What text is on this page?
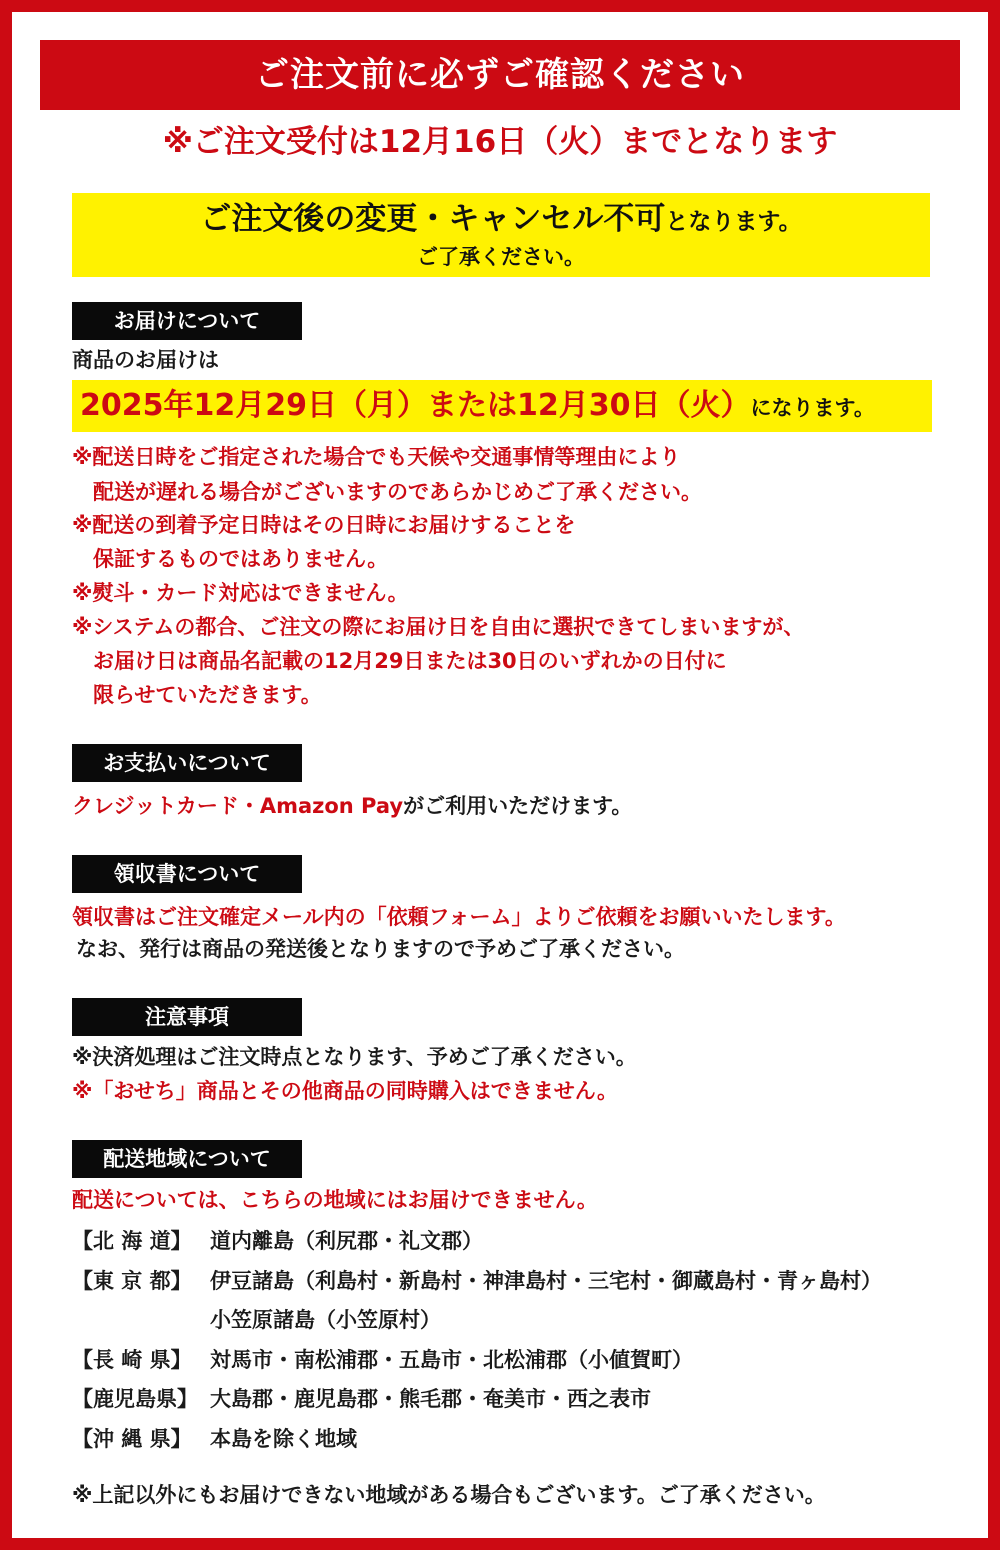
ご注文前に必ずご確認ください
※ご注文受付は12月16日（火）までとなります
ご注文後の変更・キャンセル不可となります。
ご了承ください。
お届けについて
商品のお届けは
2025年12月29日（月）または12月30日（火）になります。
※配送日時をご指定された場合でも天候や交通事情等理由により
　配送が遅れる場合がございますのであらかじめご了承ください。
※配送の到着予定日時はその日時にお届けすることを
　保証するものではありません。
※熨斗・カード対応はできません。
※システムの都合、ご注文の際にお届け日を自由に選択できてしまいますが、
　お届け日は商品名記載の12月29日または30日のいずれかの日付に
　限らせていただきます。
お支払いについて
クレジットカード・Amazon Payがご利用いただけます。
領収書について
領収書はご注文確定メール内の「依頼フォーム」よりご依頼をお願いいたします。
なお、発行は商品の発送後となりますので予めご了承ください。
注意事項
※決済処理はご注文時点となります、予めご了承ください。
※「おせち」商品とその他商品の同時購入はできません。
配送地域について
配送については、こちらの地域にはお届けできません。
【北 海 道】 道内離島（利尻郡・礼文郡）
【東 京 都】 伊豆諸島（利島村・新島村・神津島村・三宅村・御蔵島村・青ヶ島村）
小笠原諸島（小笠原村）
【長 崎 県】 対馬市・南松浦郡・五島市・北松浦郡（小値賀町）
【鹿児島県】 大島郡・鹿児島郡・熊毛郡・奄美市・西之表市
【沖 縄 県】 本島を除く地域
※上記以外にもお届けできない地域がある場合もございます。ご了承ください。
